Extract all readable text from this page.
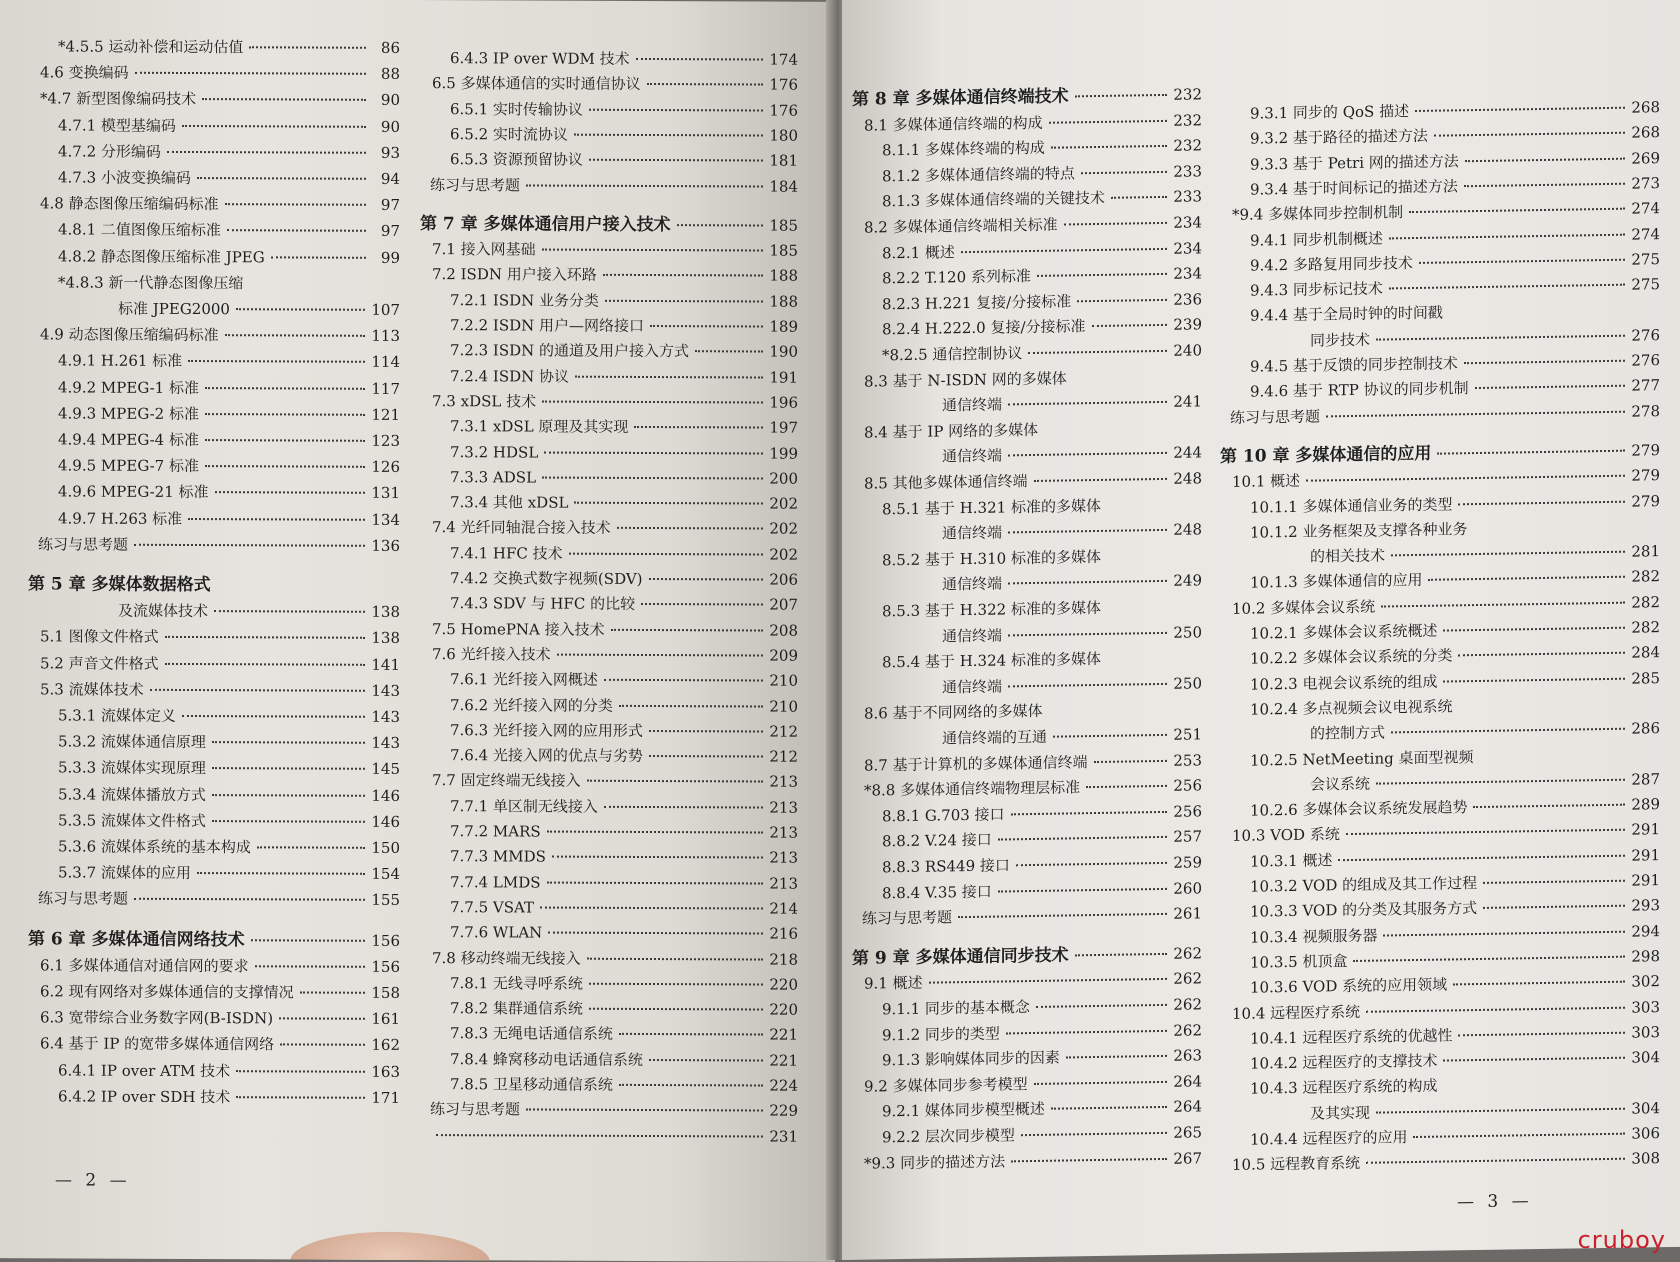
*4.5.5 运动补偿和运动估值	86
4.6 变换编码	88
*4.7 新型图像编码技术	90
4.7.1 模型基编码	90
4.7.2 分形编码	93
4.7.3 小波变换编码	94
4.8 静态图像压缩编码标准	97
4.8.1 二值图像压缩标准	97
4.8.2 静态图像压缩标准 JPEG	99
*4.8.3 新一代静态图像压缩
标准 JPEG2000	107
4.9 动态图像压缩编码标准	113
4.9.1 H.261 标准	114
4.9.2 MPEG-1 标准	117
4.9.3 MPEG-2 标准	121
4.9.4 MPEG-4 标准	123
4.9.5 MPEG-7 标准	126
4.9.6 MPEG-21 标准	131
4.9.7 H.263 标准	134
练习与思考题	136
第 5 章 多媒体数据格式
及流媒体技术	138
5.1 图像文件格式	138
5.2 声音文件格式	141
5.3 流媒体技术	143
5.3.1 流媒体定义	143
5.3.2 流媒体通信原理	143
5.3.3 流媒体实现原理	145
5.3.4 流媒体播放方式	146
5.3.5 流媒体文件格式	146
5.3.6 流媒体系统的基本构成	150
5.3.7 流媒体的应用	154
练习与思考题	155
第 6 章 多媒体通信网络技术	156
6.1 多媒体通信对通信网的要求	156
6.2 现有网络对多媒体通信的支撑情况	158
6.3 宽带综合业务数字网(B-ISDN)	161
6.4 基于 IP 的宽带多媒体通信网络	162
6.4.1 IP over ATM 技术	163
6.4.2 IP over SDH 技术	171
6.4.3 IP over WDM 技术	174
6.5 多媒体通信的实时通信协议	176
6.5.1 实时传输协议	176
6.5.2 实时流协议	180
6.5.3 资源预留协议	181
练习与思考题	184
第 7 章 多媒体通信用户接入技术	185
7.1 接入网基础	185
7.2 ISDN 用户接入环路	188
7.2.1 ISDN 业务分类	188
7.2.2 ISDN 用户—网络接口	189
7.2.3 ISDN 的通道及用户接入方式	190
7.2.4 ISDN 协议	191
7.3 xDSL 技术	196
7.3.1 xDSL 原理及其实现	197
7.3.2 HDSL	199
7.3.3 ADSL	200
7.3.4 其他 xDSL	202
7.4 光纤同轴混合接入技术	202
7.4.1 HFC 技术	202
7.4.2 交换式数字视频(SDV)	206
7.4.3 SDV 与 HFC 的比较	207
7.5 HomePNA 接入技术	208
7.6 光纤接入技术	209
7.6.1 光纤接入网概述	210
7.6.2 光纤接入网的分类	210
7.6.3 光纤接入网的应用形式	212
7.6.4 光接入网的优点与劣势	212
7.7 固定终端无线接入	213
7.7.1 单区制无线接入	213
7.7.2 MARS	213
7.7.3 MMDS	213
7.7.4 LMDS	213
7.7.5 VSAT	214
7.7.6 WLAN	216
7.8 移动终端无线接入	218
7.8.1 无线寻呼系统	220
7.8.2 集群通信系统	220
7.8.3 无绳电话通信系统	221
7.8.4 蜂窝移动电话通信系统	221
7.8.5 卫星移动通信系统	224
练习与思考题	229
231
— 2 —
第 8 章 多媒体通信终端技术	232
8.1 多媒体通信终端的构成	232
8.1.1 多媒体终端的构成	232
8.1.2 多媒体通信终端的特点	233
8.1.3 多媒体通信终端的关键技术	233
8.2 多媒体通信终端相关标准	234
8.2.1 概述	234
8.2.2 T.120 系列标准	234
8.2.3 H.221 复接/分接标准	236
8.2.4 H.222.0 复接/分接标准	239
*8.2.5 通信控制协议	240
8.3 基于 N-ISDN 网的多媒体
通信终端	241
8.4 基于 IP 网络的多媒体
通信终端	244
8.5 其他多媒体通信终端	248
8.5.1 基于 H.321 标准的多媒体
通信终端	248
8.5.2 基于 H.310 标准的多媒体
通信终端	249
8.5.3 基于 H.322 标准的多媒体
通信终端	250
8.5.4 基于 H.324 标准的多媒体
通信终端	250
8.6 基于不同网络的多媒体
通信终端的互通	251
8.7 基于计算机的多媒体通信终端	253
*8.8 多媒体通信终端物理层标准	256
8.8.1 G.703 接口	256
8.8.2 V.24 接口	257
8.8.3 RS449 接口	259
8.8.4 V.35 接口	260
练习与思考题	261
第 9 章 多媒体通信同步技术	262
9.1 概述	262
9.1.1 同步的基本概念	262
9.1.2 同步的类型	262
9.1.3 影响媒体同步的因素	263
9.2 多媒体同步参考模型	264
9.2.1 媒体同步模型概述	264
9.2.2 层次同步模型	265
*9.3 同步的描述方法	267
9.3.1 同步的 QoS 描述	268
9.3.2 基于路径的描述方法	268
9.3.3 基于 Petri 网的描述方法	269
9.3.4 基于时间标记的描述方法	273
*9.4 多媒体同步控制机制	274
9.4.1 同步机制概述	274
9.4.2 多路复用同步技术	275
9.4.3 同步标记技术	275
9.4.4 基于全局时钟的时间戳
同步技术	276
9.4.5 基于反馈的同步控制技术	276
9.4.6 基于 RTP 协议的同步机制	277
练习与思考题	278
第 10 章 多媒体通信的应用	279
10.1 概述	279
10.1.1 多媒体通信业务的类型	279
10.1.2 业务框架及支撑各种业务
的相关技术	281
10.1.3 多媒体通信的应用	282
10.2 多媒体会议系统	282
10.2.1 多媒体会议系统概述	282
10.2.2 多媒体会议系统的分类	284
10.2.3 电视会议系统的组成	285
10.2.4 多点视频会议电视系统
的控制方式	286
10.2.5 NetMeeting 桌面型视频
会议系统	287
10.2.6 多媒体会议系统发展趋势	289
10.3 VOD 系统	291
10.3.1 概述	291
10.3.2 VOD 的组成及其工作过程	291
10.3.3 VOD 的分类及其服务方式	293
10.3.4 视频服务器	294
10.3.5 机顶盒	298
10.3.6 VOD 系统的应用领域	302
10.4 远程医疗系统	303
10.4.1 远程医疗系统的优越性	303
10.4.2 远程医疗的支撑技术	304
10.4.3 远程医疗系统的构成
及其实现	304
10.4.4 远程医疗的应用	306
10.5 远程教育系统	308
— 3 —
cruboy
